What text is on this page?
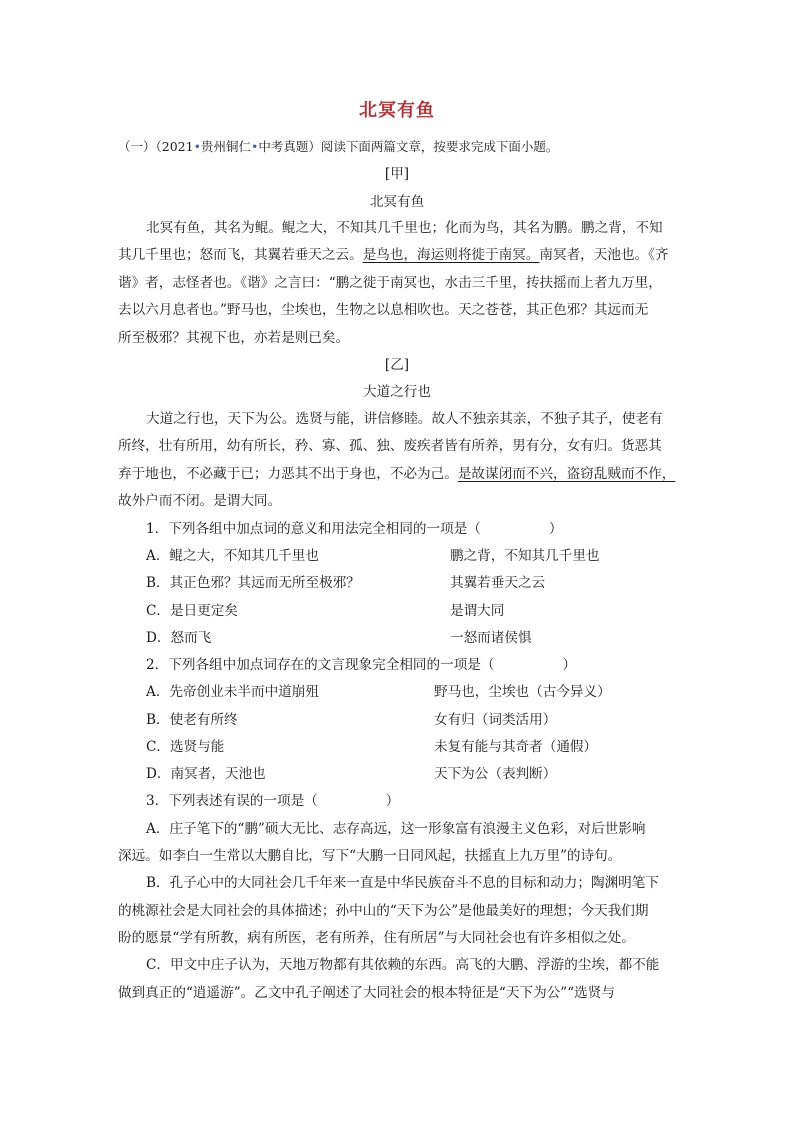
北冥有鱼
（一）（2021•贵州铜仁•中考真题）阅读下面两篇文章，按要求完成下面小题。
[甲]
北冥有鱼
北冥有鱼，其名为鲲。鲲之大，不知其几千里也；化而为鸟，其名为鹏。鹏之背，不知
其几千里也；怒而飞，其翼若垂天之云。是鸟也，海运则将徙于南冥。南冥者，天池也。《齐
谐》者，志怪者也。《谐》之言曰：“鹏之徙于南冥也，水击三千里，抟扶摇而上者九万里，
去以六月息者也。”野马也，尘埃也，生物之以息相吹也。天之苍苍，其正色邪？其远而无
所至极邪？其视下也，亦若是则已矣。
[乙]
大道之行也
大道之行也，天下为公。选贤与能，讲信修睦。故人不独亲其亲，不独子其子，使老有
所终，壮有所用，幼有所长，矜、寡、孤、独、废疾者皆有所养，男有分，女有归。货恶其
弃于地也，不必藏于已；力恶其不出于身也，不必为己。是故谋闭而不兴，盗窃乱贼而不作，
故外户而不闭。是谓大同。
1．下列各组中加点词的意义和用法完全相同的一项是（　　　　　）
A．鲲之大，不知其几千里也	鹏之背，不知其几千里也
B．其正色邪？其远而无所至极邪？	其翼若垂天之云
C．是日更定矣	是谓大同
D．怒而飞	一怒而诸侯惧
2．下列各组中加点词存在的文言现象完全相同的一项是（　　　　　）
A．先帝创业未半而中道崩殂	野马也，尘埃也（古今异义）
B．使老有所终	女有归（词类活用）
C．选贤与能	未复有能与其奇者（通假）
D．南冥者，天池也	天下为公（表判断）
3．下列表述有误的一项是（　　　　　）
A．庄子笔下的“鹏”硕大无比、志存高远，这一形象富有浪漫主义色彩，对后世影响
深远。如李白一生常以大鹏自比，写下“大鹏一日同风起，扶摇直上九万里”的诗句。
B．孔子心中的大同社会几千年来一直是中华民族奋斗不息的目标和动力；陶渊明笔下
的桃源社会是大同社会的具体描述；孙中山的“天下为公”是他最美好的理想；今天我们期
盼的愿景“学有所教，病有所医，老有所养，住有所居”与大同社会也有许多相似之处。
C．甲文中庄子认为，天地万物都有其依赖的东西。高飞的大鹏、浮游的尘埃，都不能
做到真正的“逍遥游”。乙文中孔子阐述了大同社会的根本特征是“天下为公”“选贤与
